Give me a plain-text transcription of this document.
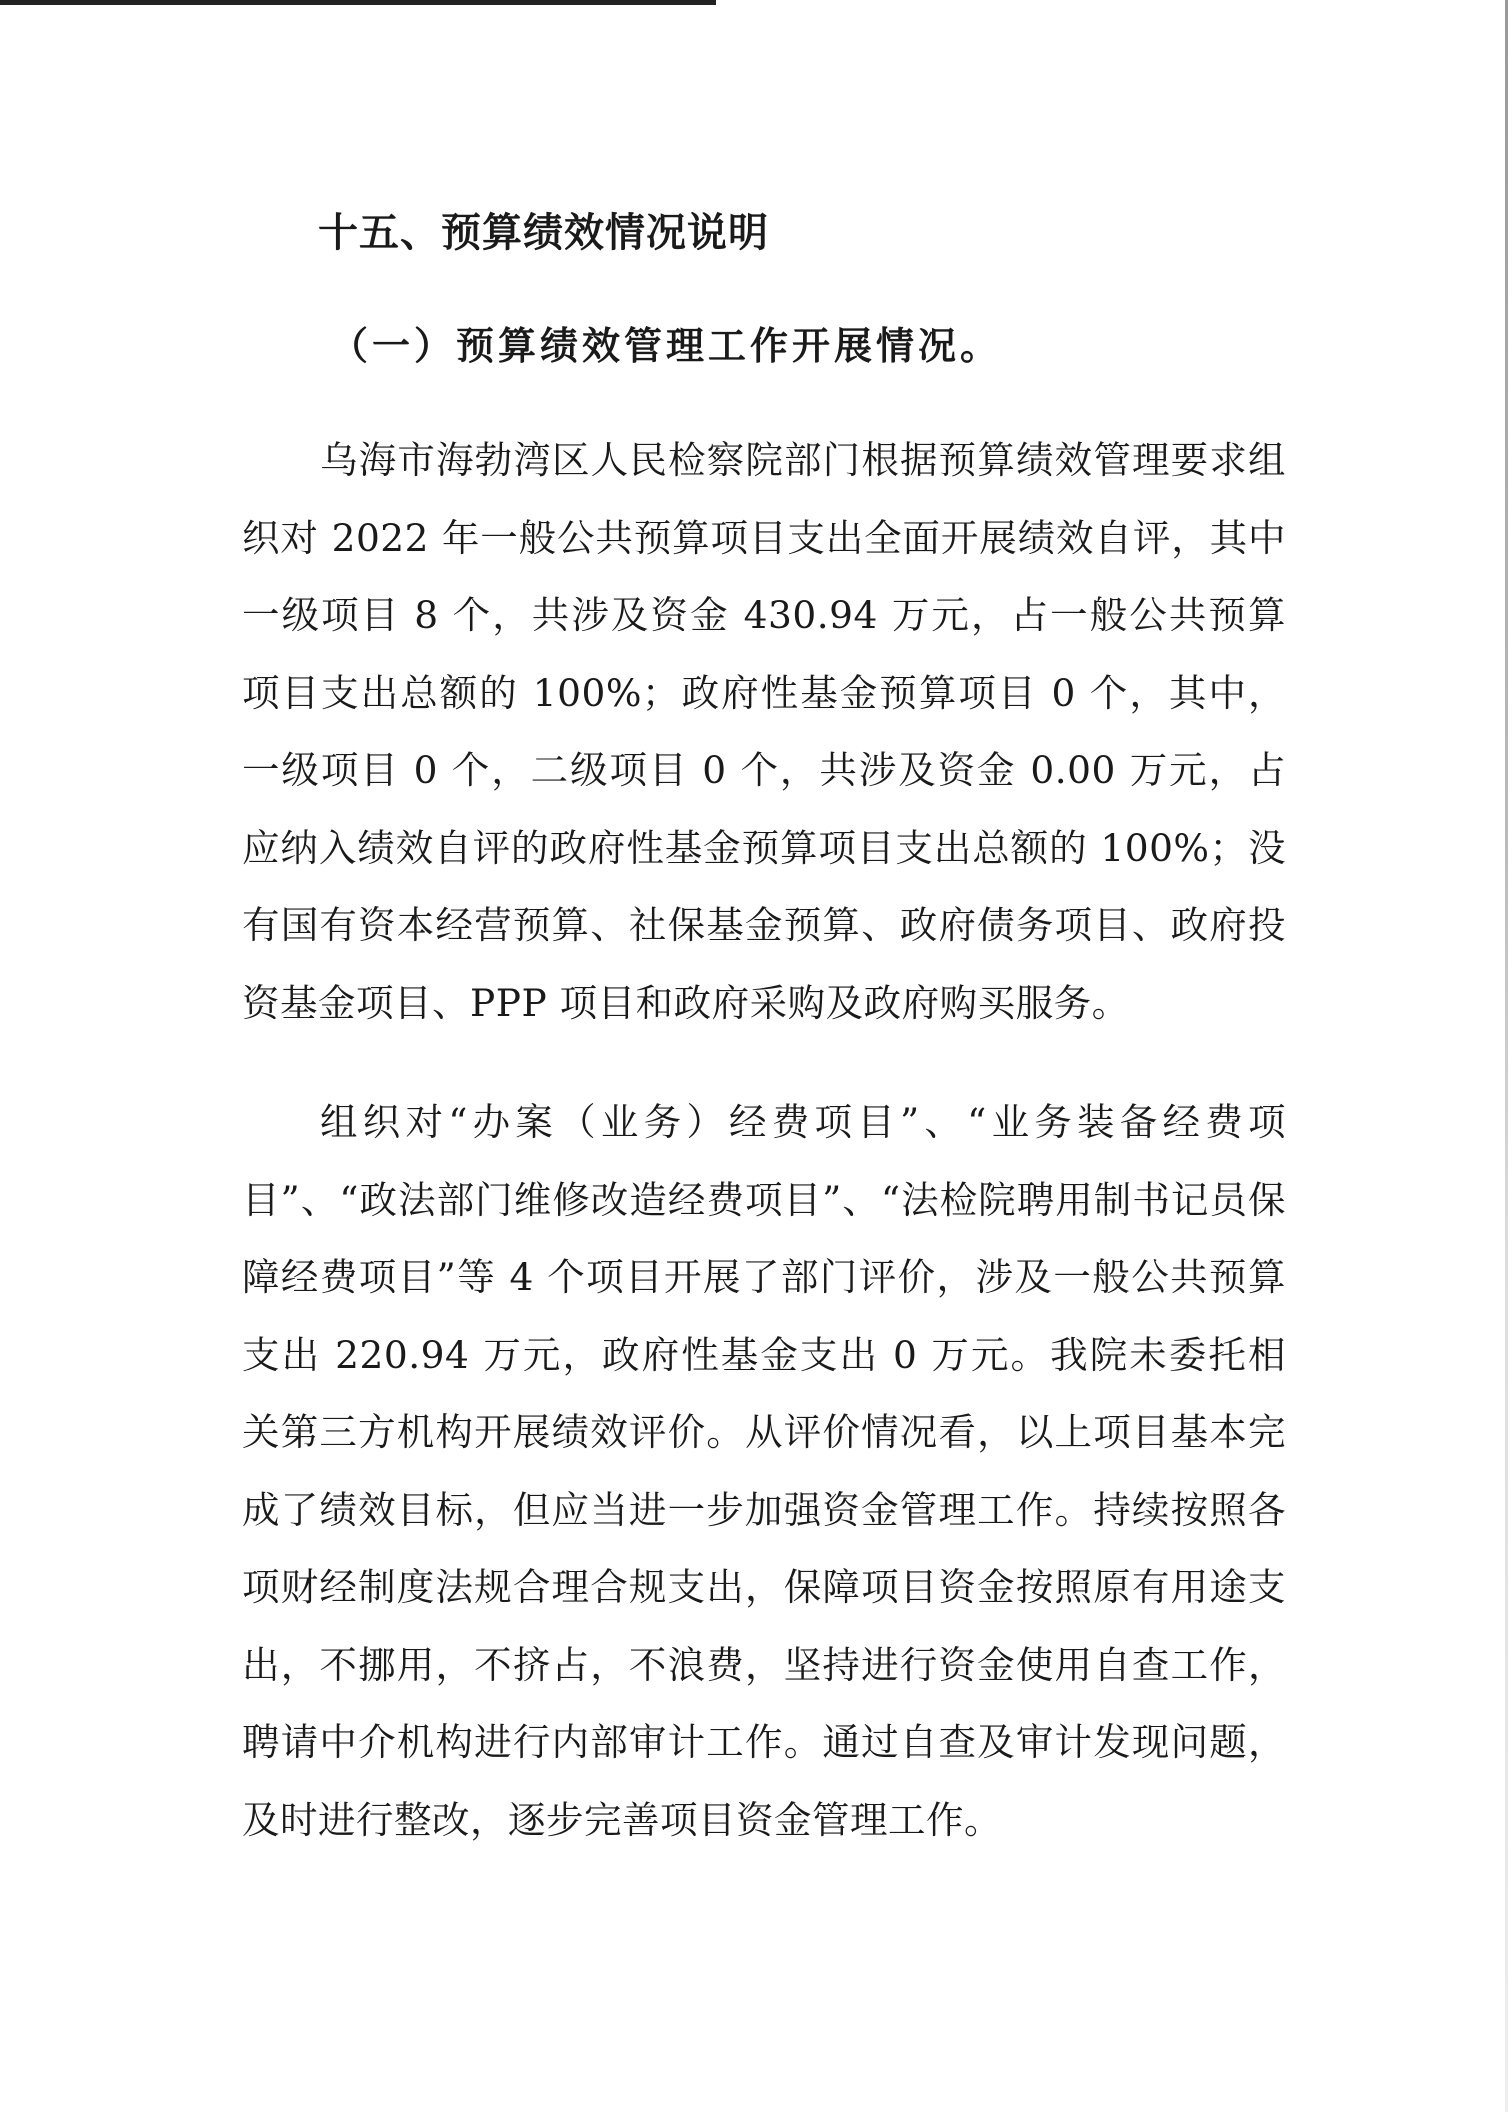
十五、预算绩效情况说明
（一）预算绩效管理工作开展情况。

乌海市海勃湾区人民检察院部门根据预算绩效管理要求组织对 2022 年一般公共预算项目支出全面开展绩效自评，其中一级项目 8 个，共涉及资金 430.94 万元，占一般公共预算项目支出总额的 100%；政府性基金预算项目 0 个，其中，一级项目 0 个，二级项目 0 个，共涉及资金 0.00 万元，占应纳入绩效自评的政府性基金预算项目支出总额的 100%；没有国有资本经营预算、社保基金预算、政府债务项目、政府投资基金项目、PPP 项目和政府采购及政府购买服务。

组织对“办案（业务）经费项目”、“业务装备经费项目”、“政法部门维修改造经费项目”、“法检院聘用制书记员保障经费项目”等 4 个项目开展了部门评价，涉及一般公共预算支出 220.94 万元，政府性基金支出 0 万元。我院未委托相关第三方机构开展绩效评价。从评价情况看，以上项目基本完成了绩效目标，但应当进一步加强资金管理工作。持续按照各项财经制度法规合理合规支出，保障项目资金按照原有用途支出，不挪用，不挤占，不浪费，坚持进行资金使用自查工作，聘请中介机构进行内部审计工作。通过自查及审计发现问题，及时进行整改，逐步完善项目资金管理工作。
